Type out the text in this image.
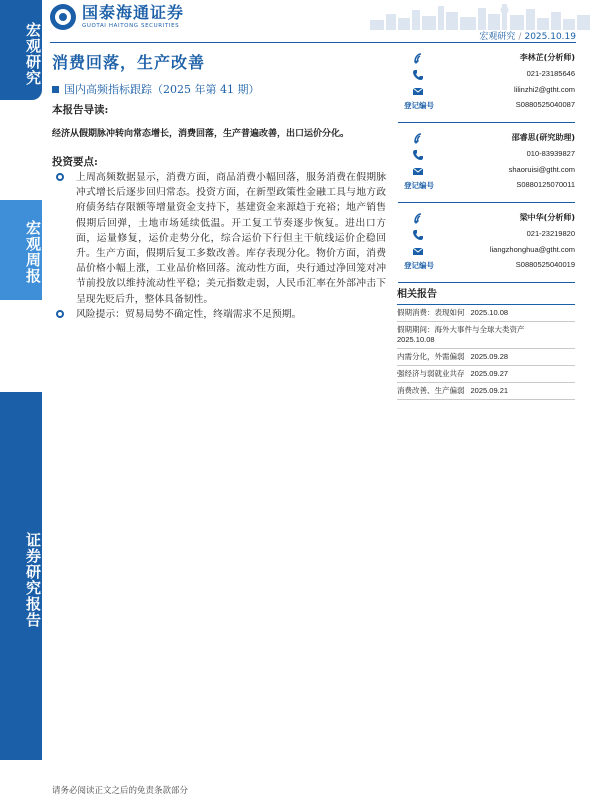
宏观研究
宏观周报
证券研究报告
国泰海通证券
GUOTAI HAITONG SECURITIES
宏观研究 / 2025.10.19
消费回落，生产改善
国内高频指标跟踪（2025 年第 41 期）
本报告导读:
经济从假期脉冲转向常态增长，消费回落，生产普遍改善，出口运价分化。
投资要点:
上周高频数据显示，消费方面，商品消费小幅回落，服务消费在假期脉冲式增长后逐步回归常态。投资方面，在新型政策性金融工具与地方政府债务结存限额等增量资金支持下，基建资金来源趋于充裕；地产销售假期后回弹，土地市场延续低温。开工复工节奏逐步恢复。进出口方面，运量修复，运价走势分化，综合运价下行但主干航线运价企稳回升。生产方面，假期后复工多数改善。库存表现分化。物价方面，消费品价格小幅上涨，工业品价格回落。流动性方面，央行通过净回笼对冲节前投放以维持流动性平稳；美元指数走弱，人民币汇率在外部冲击下呈现先贬后升，整体具备韧性。
风险提示：贸易局势不确定性，终端需求不足预期。
李林芷(分析师)
021-23185646
lilinzhi2@gtht.com
登记编号	S0880525040087
邵睿思(研究助理)
010-83939827
shaoruisi@gtht.com
登记编号	S0880125070011
梁中华(分析师)
021-23219820
liangzhonghua@gtht.com
登记编号	S0880525040019
相关报告
假期消费：表现如何 2025.10.08
假期期间：海外大事件与全球大类资产
2025.10.08
内需分化，外需偏弱 2025.09.28
强经济与弱就业共存 2025.09.27
消费改善、生产偏弱 2025.09.21
请务必阅读正文之后的免责条款部分
